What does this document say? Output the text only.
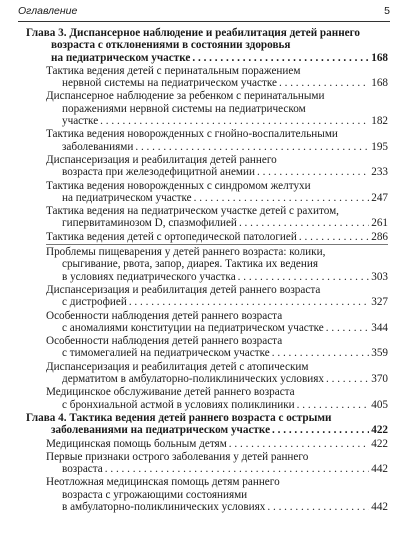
Оглавление	5
Глава 3. Диспансерное наблюдение и реабилитация детей раннего
возраста с отклонениями в состоянии здоровья
на педиатрическом участке . . .	168
Тактика ведения детей с перинатальным поражением
нервной системы на педиатрическом участке . . .	168
Диспансерное наблюдение за ребенком с перинатальными
поражениями нервной системы на педиатрическом
участке . . .	182
Тактика ведения новорожденных с гнойно-воспалительными
заболеваниями . . .	195
Диспансеризация и реабилитация детей раннего
возраста при железодефицитной анемии . . .	233
Тактика ведения новорожденных с синдромом желтухи
на педиатрическом участке . . .	247
Тактика ведения на педиатрическом участке детей с рахитом,
гипервитаминозом D, спазмофилией . . .	261
Тактика ведения детей с ортопедической патологией . . .	286
Проблемы пищеварения у детей раннего возраста: колики,
срыгивание, рвота, запор, диарея. Тактика их ведения
в условиях педиатрического участка . . .	303
Диспансеризация и реабилитация детей раннего возраста
с дистрофией . . .	327
Особенности наблюдения детей раннего возраста
с аномалиями конституции на педиатрическом участке . . .	344
Особенности наблюдения детей раннего возраста
с тимомегалией на педиатрическом участке . . .	359
Диспансеризация и реабилитация детей с атопическим
дерматитом в амбулаторно-поликлинических условиях . . .	370
Медицинское обслуживание детей раннего возраста
с бронхиальной астмой в условиях поликлиники . . .	405
Глава 4. Тактика ведения детей раннего возраста с острыми
заболеваниями на педиатрическом участке . . .	422
Медицинская помощь больным детям . . .	422
Первые признаки острого заболевания у детей раннего
возраста . . .	442
Неотложная медицинская помощь детям раннего
возраста с угрожающими состояниями
в амбулаторно-поликлинических условиях . . .	442
